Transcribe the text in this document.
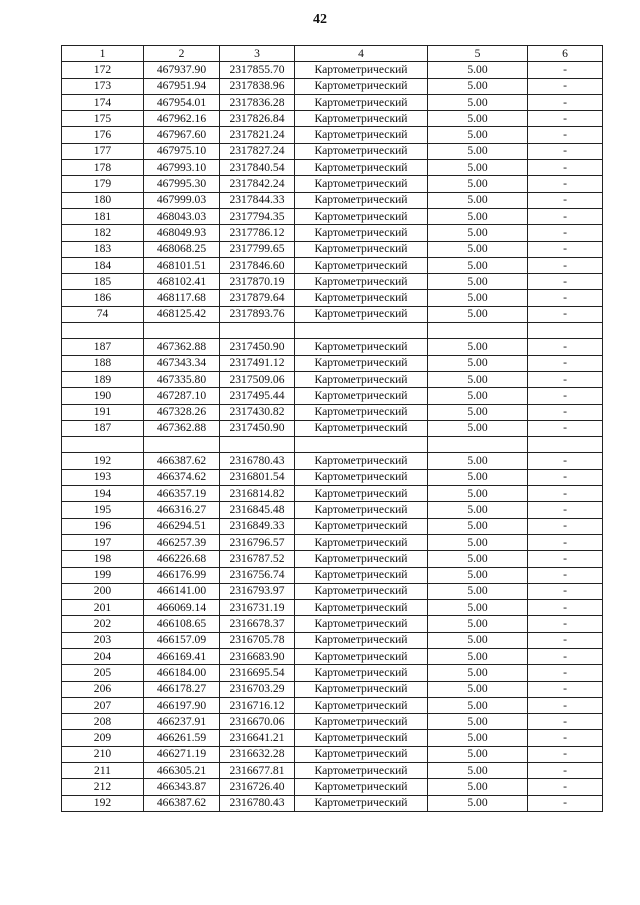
42
1	2	3	4	5	6
172	467937.90	2317855.70	Картометрический	5.00	-
173	467951.94	2317838.96	Картометрический	5.00	-
174	467954.01	2317836.28	Картометрический	5.00	-
175	467962.16	2317826.84	Картометрический	5.00	-
176	467967.60	2317821.24	Картометрический	5.00	-
177	467975.10	2317827.24	Картометрический	5.00	-
178	467993.10	2317840.54	Картометрический	5.00	-
179	467995.30	2317842.24	Картометрический	5.00	-
180	467999.03	2317844.33	Картометрический	5.00	-
181	468043.03	2317794.35	Картометрический	5.00	-
182	468049.93	2317786.12	Картометрический	5.00	-
183	468068.25	2317799.65	Картометрический	5.00	-
184	468101.51	2317846.60	Картометрический	5.00	-
185	468102.41	2317870.19	Картометрический	5.00	-
186	468117.68	2317879.64	Картометрический	5.00	-
74	468125.42	2317893.76	Картометрический	5.00	-

187	467362.88	2317450.90	Картометрический	5.00	-
188	467343.34	2317491.12	Картометрический	5.00	-
189	467335.80	2317509.06	Картометрический	5.00	-
190	467287.10	2317495.44	Картометрический	5.00	-
191	467328.26	2317430.82	Картометрический	5.00	-
187	467362.88	2317450.90	Картометрический	5.00	-

192	466387.62	2316780.43	Картометрический	5.00	-
193	466374.62	2316801.54	Картометрический	5.00	-
194	466357.19	2316814.82	Картометрический	5.00	-
195	466316.27	2316845.48	Картометрический	5.00	-
196	466294.51	2316849.33	Картометрический	5.00	-
197	466257.39	2316796.57	Картометрический	5.00	-
198	466226.68	2316787.52	Картометрический	5.00	-
199	466176.99	2316756.74	Картометрический	5.00	-
200	466141.00	2316793.97	Картометрический	5.00	-
201	466069.14	2316731.19	Картометрический	5.00	-
202	466108.65	2316678.37	Картометрический	5.00	-
203	466157.09	2316705.78	Картометрический	5.00	-
204	466169.41	2316683.90	Картометрический	5.00	-
205	466184.00	2316695.54	Картометрический	5.00	-
206	466178.27	2316703.29	Картометрический	5.00	-
207	466197.90	2316716.12	Картометрический	5.00	-
208	466237.91	2316670.06	Картометрический	5.00	-
209	466261.59	2316641.21	Картометрический	5.00	-
210	466271.19	2316632.28	Картометрический	5.00	-
211	466305.21	2316677.81	Картометрический	5.00	-
212	466343.87	2316726.40	Картометрический	5.00	-
192	466387.62	2316780.43	Картометрический	5.00	-
